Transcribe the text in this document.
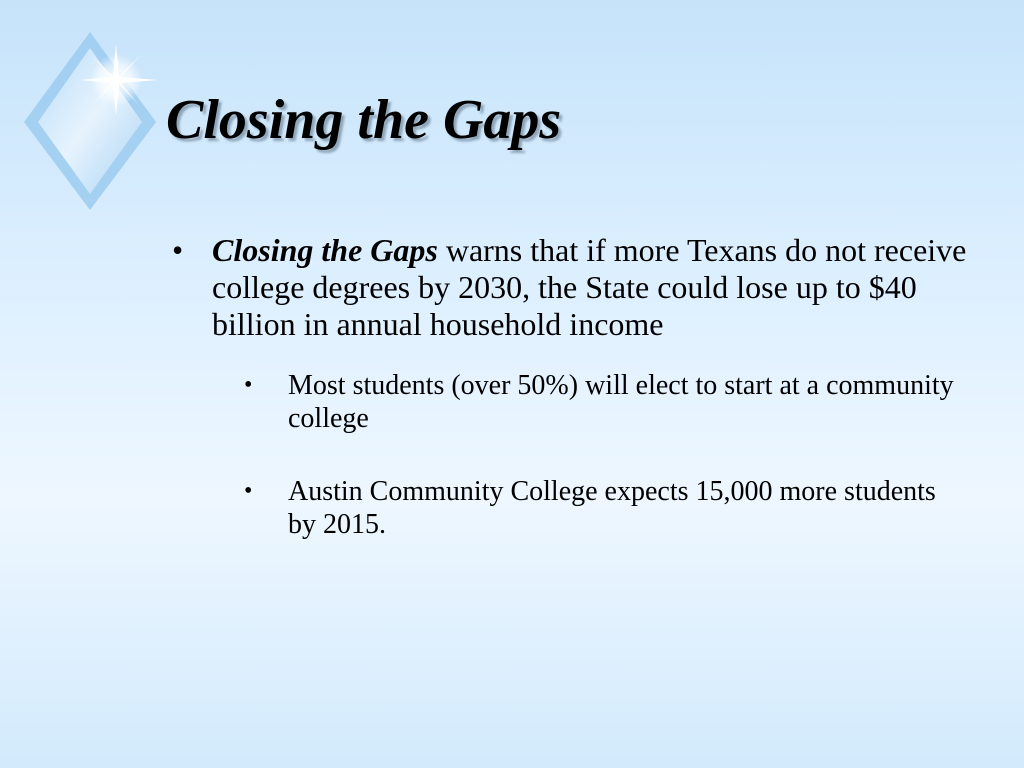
Closing the Gaps
• Closing the Gaps warns that if more Texans do not receive college degrees by 2030, the State could lose up to $40 billion in annual household income
• Most students (over 50%) will elect to start at a community college
• Austin Community College expects 15,000 more students by 2015.
